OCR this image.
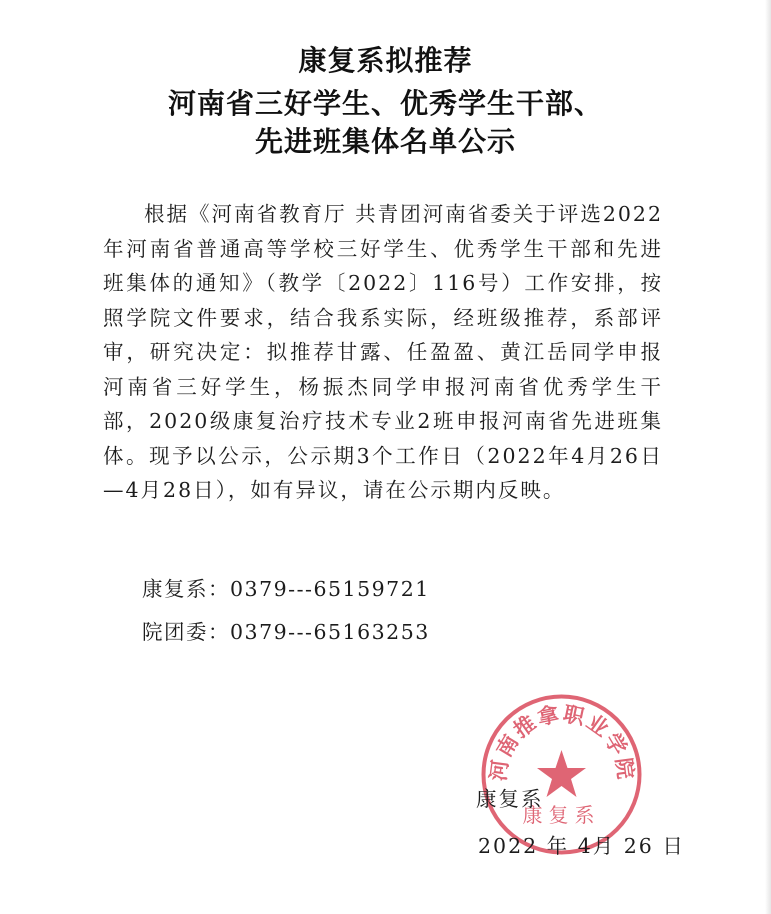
康复系拟推荐
河南省三好学生、优秀学生干部、
先进班集体名单公示
根据《河南省教育厅 共青团河南省委关于评选2022年河南省普通高等学校三好学生、优秀学生干部和先进班集体的通知》（教学〔2022〕116号）工作安排，按照学院文件要求，结合我系实际，经班级推荐，系部评审，研究决定：拟推荐甘露、任盈盈、黄江岳同学申报河南省三好学生，杨振杰同学申报河南省优秀学生干部，2020级康复治疗技术专业2班申报河南省先进班集体。现予以公示，公示期3个工作日（2022年4月26日—4月28日），如有异议，请在公示期内反映。
康复系：0379---65159721
院团委：0379---65163253
河南推拿职业学院
康复系
康复系
2022 年 4月 26 日
